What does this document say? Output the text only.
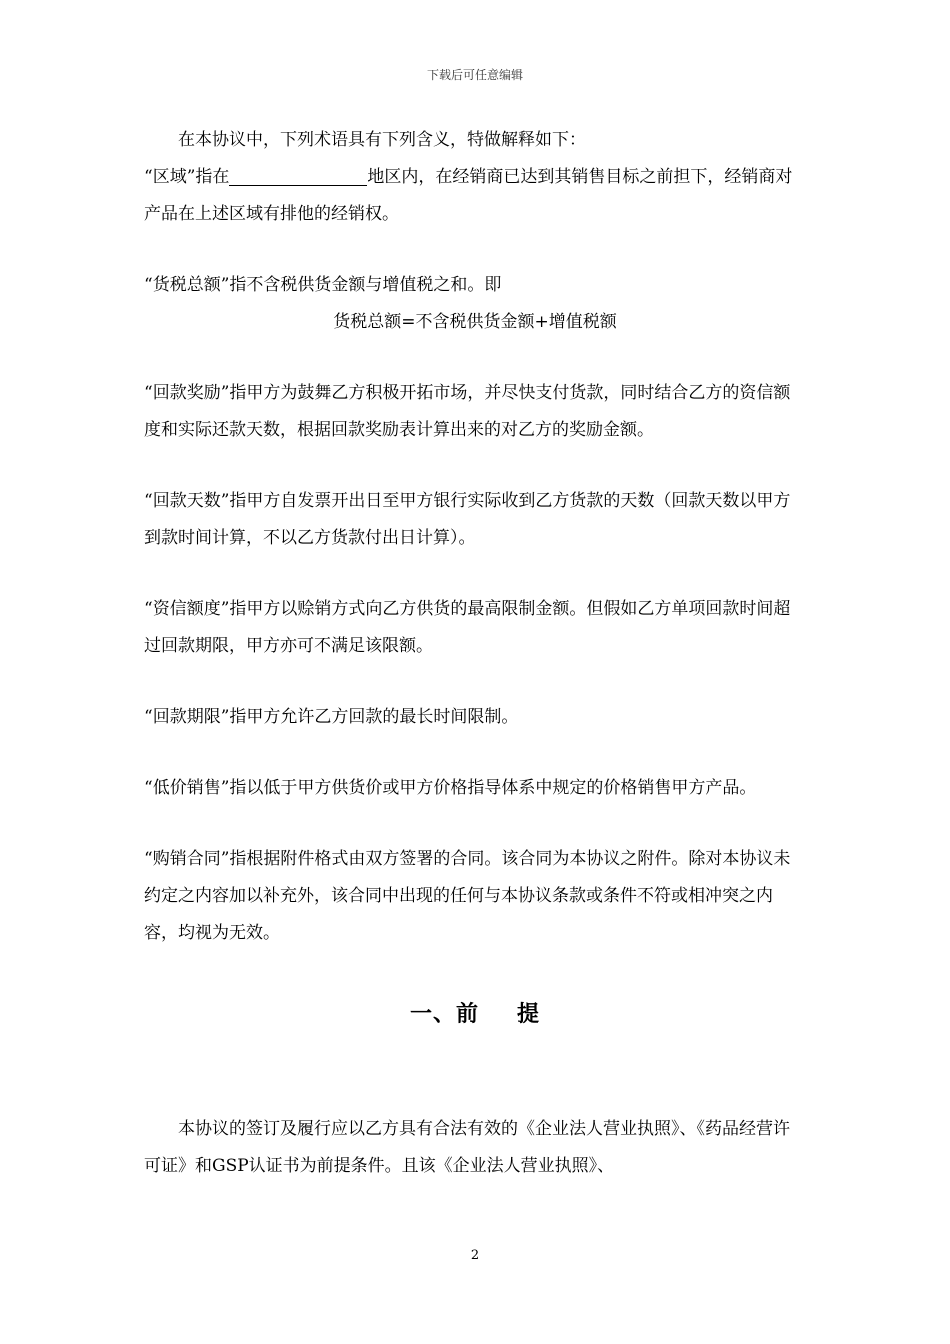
下载后可任意编辑

在本协议中，下列术语具有下列含义，特做解释如下：

“区域”指在	地区内，在经销商已达到其销售目标之前担下，经销商对产品在上述区域有排他的经销权。

“货税总额”指不含税供货金额与增值税之和。即

货税总额=不含税供货金额+增值税额

“回款奖励”指甲方为鼓舞乙方积极开拓市场，并尽快支付货款，同时结合乙方的资信额度和实际还款天数，根据回款奖励表计算出来的对乙方的奖励金额。

“回款天数”指甲方自发票开出日至甲方银行实际收到乙方货款的天数（回款天数以甲方到款时间计算，不以乙方货款付出日计算）。

“资信额度”指甲方以赊销方式向乙方供货的最高限制金额。但假如乙方单项回款时间超过回款期限，甲方亦可不满足该限额。

“回款期限”指甲方允许乙方回款的最长时间限制。

“低价销售”指以低于甲方供货价或甲方价格指导体系中规定的价格销售甲方产品。

“购销合同”指根据附件格式由双方签署的合同。该合同为本协议之附件。除对本协议未约定之内容加以补充外，该合同中出现的任何与本协议条款或条件不符或相冲突之内容，均视为无效。

一、前 提

本协议的签订及履行应以乙方具有合法有效的《企业法人营业执照》、《药品经营许可证》和GSP认证书为前提条件。且该《企业法人营业执照》、

2
